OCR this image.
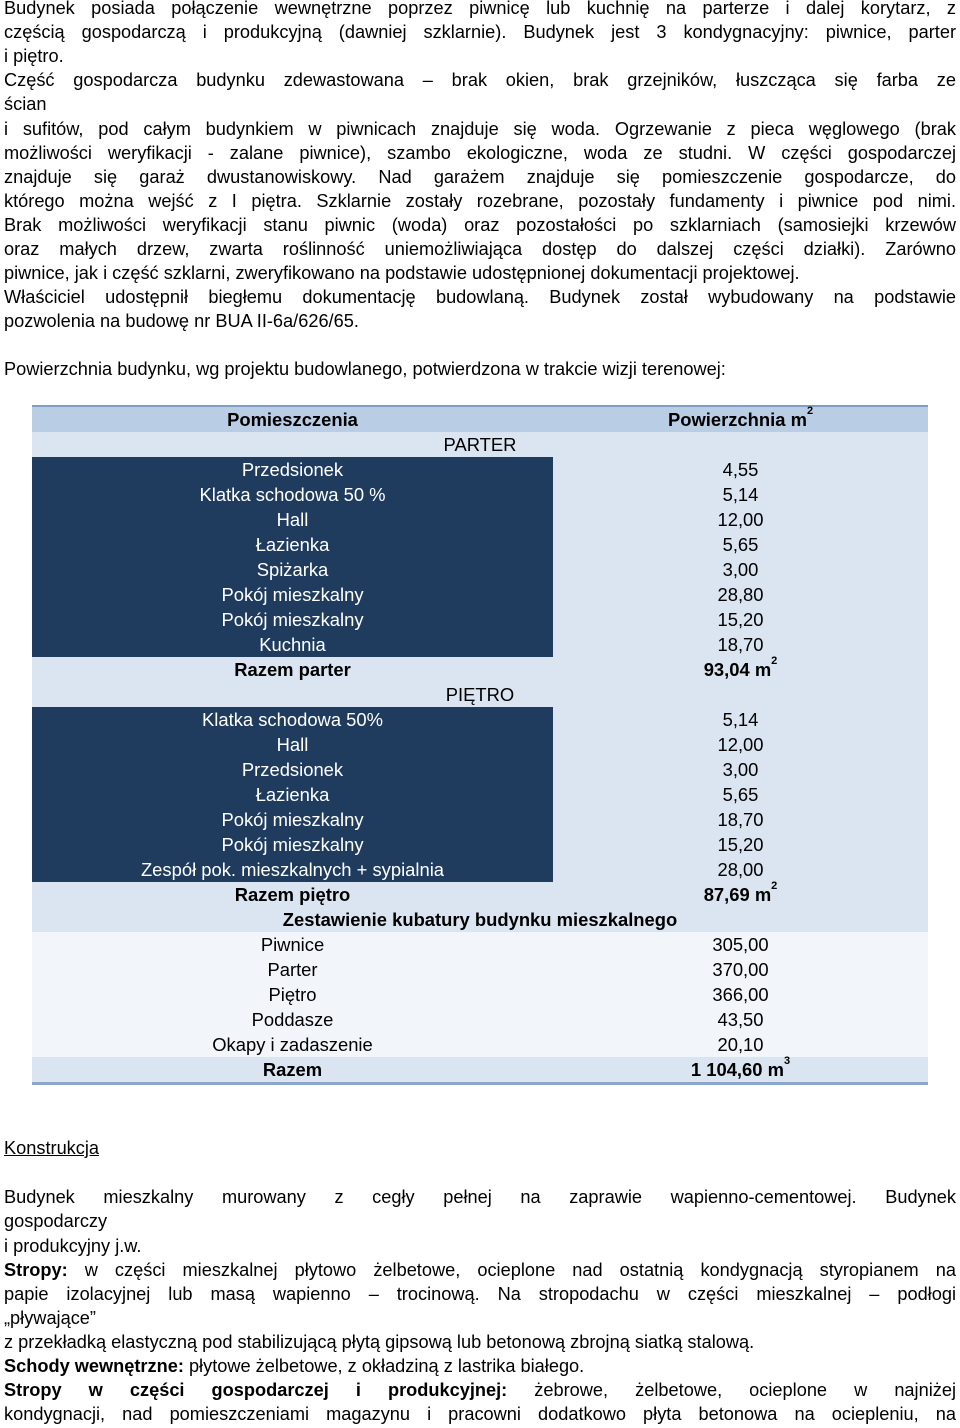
Budynek posiada połączenie wewnętrzne poprzez piwnicę lub kuchnię na parterze i dalej korytarz, z
częścią gospodarczą i produkcyjną (dawniej szklarnie). Budynek jest 3 kondygnacyjny: piwnice, parter
i piętro.
Część gospodarcza budynku zdewastowana – brak okien, brak grzejników, łuszcząca się farba ze
ścian
i sufitów, pod całym budynkiem w piwnicach znajduje się woda. Ogrzewanie z pieca węglowego (brak
możliwości weryfikacji - zalane piwnice), szambo ekologiczne, woda ze studni. W części gospodarczej
znajduje się garaż dwustanowiskowy. Nad garażem znajduje się pomieszczenie gospodarcze, do
którego można wejść z I piętra. Szklarnie zostały rozebrane, pozostały fundamenty i piwnice pod nimi.
Brak możliwości weryfikacji stanu piwnic (woda) oraz pozostałości po szklarniach (samosiejki krzewów
oraz małych drzew, zwarta roślinność uniemożliwiająca dostęp do dalszej części działki). Zarówno
piwnice, jak i część szklarni, zweryfikowano na podstawie udostępnionej dokumentacji projektowej.
Właściciel udostępnił biegłemu dokumentację budowlaną. Budynek został wybudowany na podstawie
pozwolenia na budowę nr BUA II-6a/626/65.
Powierzchnia budynku, wg projektu budowlanego, potwierdzona w trakcie wizji terenowej:
Konstrukcja
Budynek mieszkalny murowany z cegły pełnej na zaprawie wapienno-cementowej. Budynek
gospodarczy
i produkcyjny j.w.
Stropy: w części mieszkalnej płytowo żelbetowe, ocieplone nad ostatnią kondygnacją styropianem na
papie izolacyjnej lub masą wapienno – trocinową. Na stropodachu w części mieszkalnej – podłogi
„pływające”
z przekładką elastyczną pod stabilizującą płytą gipsową lub betonową zbrojną siatką stalową.
Schody wewnętrzne: płytowe żelbetowe, z okładziną z lastrika białego.
Stropy w części gospodarczej i produkcyjnej: żebrowe, żelbetowe, ocieplone w najniżej
kondygnacji, nad pomieszczeniami magazynu i pracowni dodatkowo płyta betonowa na ociepleniu, na
Pomieszczenia	Powierzchnia $m^2$
PARTER	
Przedsionek	4,55
Klatka schodowa 50 %	5,14
Hall	12,00
Łazienka	5,65
Spiżarka	3,00
Pokój mieszkalny	28,80
Pokój mieszkalny	15,20
Kuchnia	18,70
Razem parter	93,04 $m^2$
PIĘTRO	
Klatka schodowa 50%	5,14
Hall	12,00
Przedsionek	3,00
Łazienka	5,65
Pokój mieszkalny	18,70
Pokój mieszkalny	15,20
Zespół pok. mieszkalnych + sypialnia	28,00
Razem piętro	87,69 $m^2$
Zestawienie kubatury budynku mieszkalnego	
Piwnice	305,00
Parter	370,00
Piętro	366,00
Poddasze	43,50
Okapy i zadaszenie	20,10
Razem	1 104,60 $m^3$
